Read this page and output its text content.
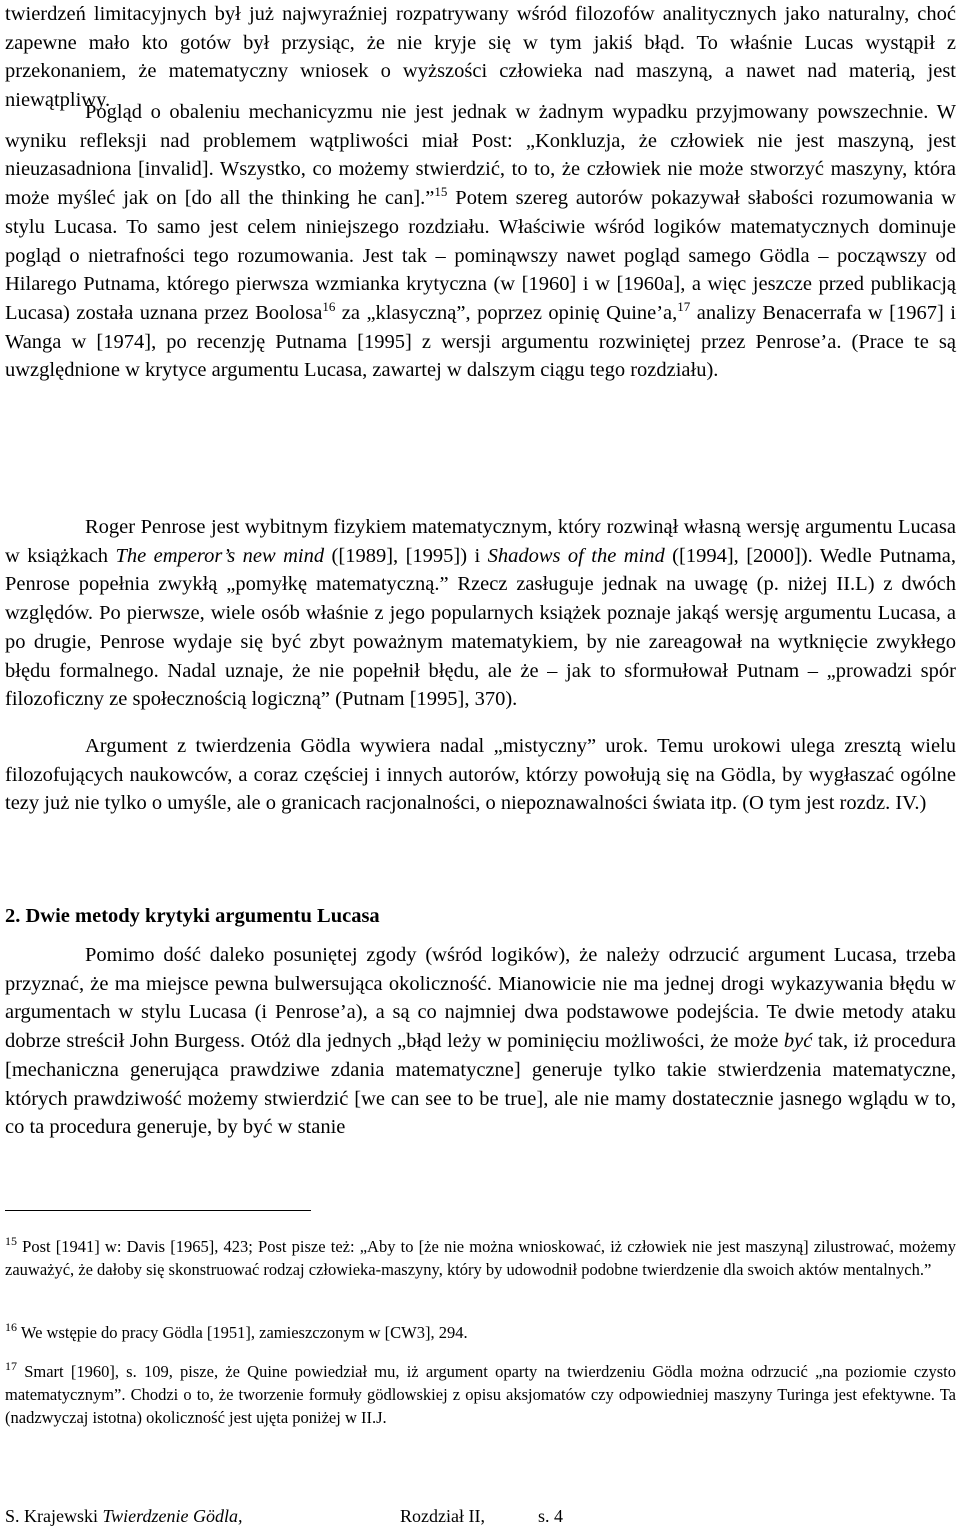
twierdzeń limitacyjnych był już najwyraźniej rozpatrywany wśród filozofów analitycznych jako naturalny, choć zapewne mało kto gotów był przysiąc, że nie kryje się w tym jakiś błąd. To właśnie Lucas wystąpił z przekonaniem, że matematyczny wniosek o wyższości człowieka nad maszyną, a nawet nad materią, jest niewątpliwy.

Pogląd o obaleniu mechanicyzmu nie jest jednak w żadnym wypadku przyjmowany powszechnie. W wyniku refleksji nad problemem wątpliwości miał Post: „Konkluzja, że człowiek nie jest maszyną, jest nieuzasadniona [invalid]. Wszystko, co możemy stwierdzić, to to, że człowiek nie może stworzyć maszyny, która może myśleć jak on [do all the thinking he can].”$^{15}$ Potem szereg autorów pokazywał słabości rozumowania w stylu Lucasa. To samo jest celem niniejszego rozdziału. Właściwie wśród logików matematycznych dominuje pogląd o nietrafności tego rozumowania. Jest tak – pominąwszy nawet pogląd samego Gödla – począwszy od Hilarego Putnama, którego pierwsza wzmianka krytyczna (w [1960] i w [1960a], a więc jeszcze przed publikacją Lucasa) została uznana przez Boolosa$^{16}$ za „klasyczną”, poprzez opinię Quine’a,$^{17}$ analizy Benacerrafa w [1967] i Wanga w [1974], po recenzję Putnama [1995] z wersji argumentu rozwiniętej przez Penrose’a. (Prace te są uwzględnione w krytyce argumentu Lucasa, zawartej w dalszym ciągu tego rozdziału).

Roger Penrose jest wybitnym fizykiem matematycznym, który rozwinął własną wersję argumentu Lucasa w książkach The emperor’s new mind ([1989], [1995]) i Shadows of the mind ([1994], [2000]). Wedle Putnama, Penrose popełnia zwykłą „pomyłkę matematyczną.” Rzecz zasługuje jednak na uwagę (p. niżej II.L) z dwóch względów. Po pierwsze, wiele osób właśnie z jego popularnych książek poznaje jakąś wersję argumentu Lucasa, a po drugie, Penrose wydaje się być zbyt poważnym matematykiem, by nie zareagował na wytknięcie zwykłego błędu formalnego. Nadal uznaje, że nie popełnił błędu, ale że – jak to sformułował Putnam – „prowadzi spór filozoficzny ze społecznością logiczną” (Putnam [1995], 370).

Argument z twierdzenia Gödla wywiera nadal „mistyczny” urok. Temu urokowi ulega zresztą wielu filozofujących naukowców, a coraz częściej i innych autorów, którzy powołują się na Gödla, by wygłaszać ogólne tezy już nie tylko o umyśle, ale o granicach racjonalności, o niepoznawalności świata itp. (O tym jest rozdz. IV.)

2. Dwie metody krytyki argumentu Lucasa

Pomimo dość daleko posuniętej zgody (wśród logików), że należy odrzucić argument Lucasa, trzeba przyznać, że ma miejsce pewna bulwersująca okoliczność. Mianowicie nie ma jednej drogi wykazywania błędu w argumentach w stylu Lucasa (i Penrose’a), a są co najmniej dwa podstawowe podejścia. Te dwie metody ataku dobrze streścił John Burgess. Otóż dla jednych „błąd leży w pominięciu możliwości, że może być tak, iż procedura [mechaniczna generująca prawdziwe zdania matematyczne] generuje tylko takie stwierdzenia matematyczne, których prawdziwość możemy stwierdzić [we can see to be true], ale nie mamy dostatecznie jasnego wglądu w to, co ta procedura generuje, by być w stanie

$^{15}$ Post [1941] w: Davis [1965], 423; Post pisze też: „Aby to [że nie można wnioskować, iż człowiek nie jest maszyną] zilustrować, możemy zauważyć, że dałoby się skonstruować rodzaj człowieka-maszyny, który by udowodnił podobne twierdzenie dla swoich aktów mentalnych.”

$^{16}$ We wstępie do pracy Gödla [1951], zamieszczonym w [CW3], 294.

$^{17}$ Smart [1960], s. 109, pisze, że Quine powiedział mu, iż argument oparty na twierdzeniu Gödla można odrzucić „na poziomie czysto matematycznym”. Chodzi o to, że tworzenie formuły gödlowskiej z opisu aksjomatów czy odpowiedniej maszyny Turinga jest efektywne. Ta (nadzwyczaj istotna) okoliczność jest ujęta poniżej w II.J.

S. Krajewski Twierdzenie Gödla,	Rozdział II,	s. 4
